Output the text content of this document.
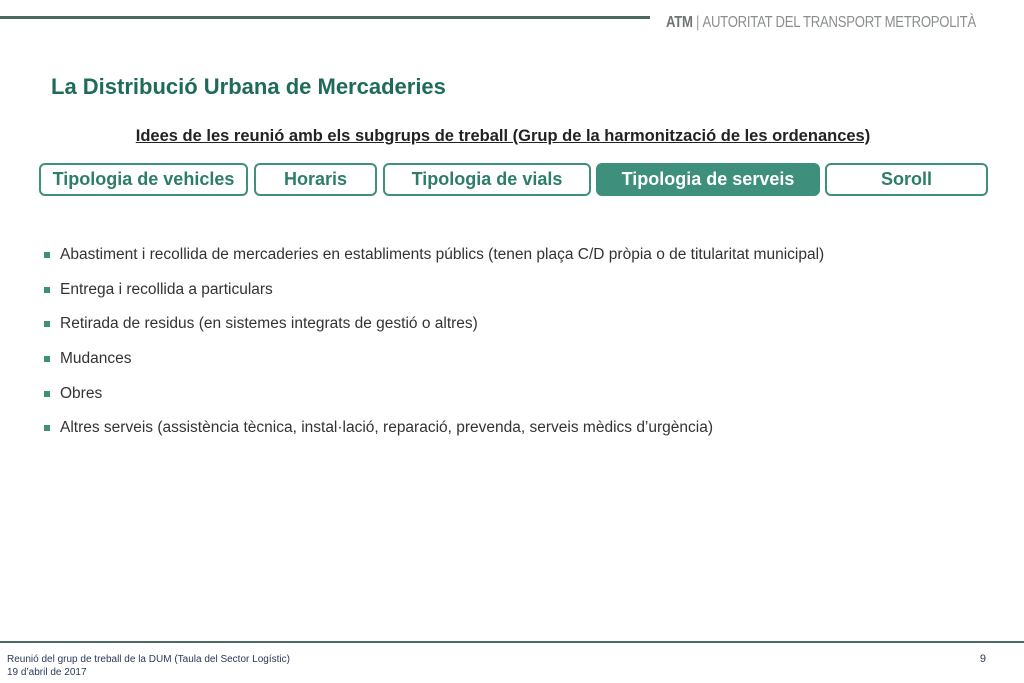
ATM | AUTORITAT DEL TRANSPORT METROPOLITÀ
La Distribució Urbana de Mercaderies
Idees de les reunió amb els subgrups de treball (Grup de la harmonització de les ordenances)
Tipologia de vehicles	Horaris	Tipologia de vials	Tipologia de serveis	Soroll
Abastiment i recollida de mercaderies en establiments públics (tenen plaça C/D pròpia o de titularitat municipal)
Entrega i recollida a particulars
Retirada de residus (en sistemes integrats de gestió o altres)
Mudances
Obres
Altres serveis (assistència tècnica, instal·lació, reparació, prevenda, serveis mèdics d’urgència)
Reunió del grup de treball de la DUM (Taula del Sector Logístic)
19 d’abril de 2017
9
